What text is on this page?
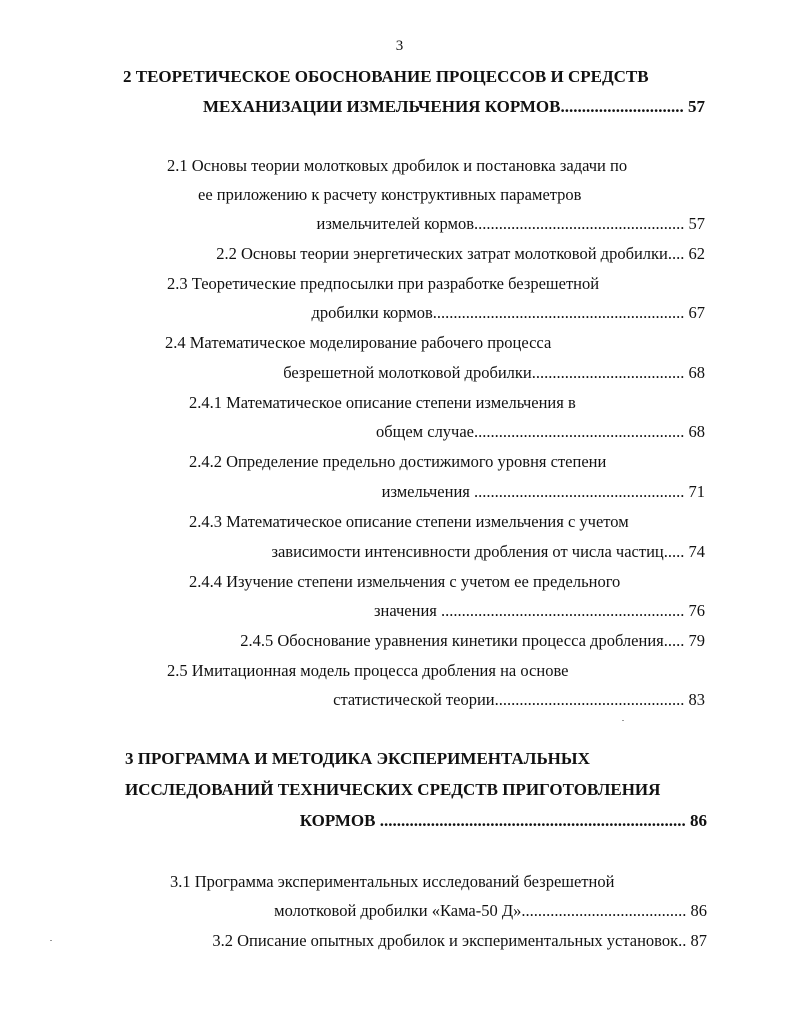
3
2 ТЕОРЕТИЧЕСКОЕ ОБОСНОВАНИЕ ПРОЦЕССОВ И СРЕДСТВ
МЕХАНИЗАЦИИ ИЗМЕЛЬЧЕНИЯ КОРМОВ............................. 57
2.1 Основы теории молотковых дробилок и постановка задачи по
ее приложению к расчету конструктивных параметров
измельчителей кормов................................................... 57
2.2 Основы теории энергетических затрат молотковой дробилки.... 62
2.3 Теоретические предпосылки при разработке безрешетной
дробилки кормов............................................................. 67
2.4 Математическое моделирование рабочего процесса
безрешетной молотковой дробилки..................................... 68
2.4.1 Математическое описание степени измельчения в
общем случае................................................... 68
2.4.2 Определение предельно достижимого уровня степени
измельчения ................................................... 71
2.4.3 Математическое описание степени измельчения с учетом
зависимости интенсивности дробления от числа частиц..... 74
2.4.4 Изучение степени измельчения с учетом ее предельного
значения ........................................................... 76
2.4.5 Обоснование уравнения кинетики процесса дробления..... 79
2.5 Имитационная модель процесса дробления на основе
статистической теории.............................................. 83
3 ПРОГРАММА И МЕТОДИКА ЭКСПЕРИМЕНТАЛЬНЫХ
ИССЛЕДОВАНИЙ ТЕХНИЧЕСКИХ СРЕДСТВ ПРИГОТОВЛЕНИЯ
КОРМОВ ........................................................................ 86
3.1 Программа экспериментальных исследований безрешетной
молотковой дробилки «Кама-50 Д»........................................ 86
3.2 Описание опытных дробилок и экспериментальных установок.. 87
